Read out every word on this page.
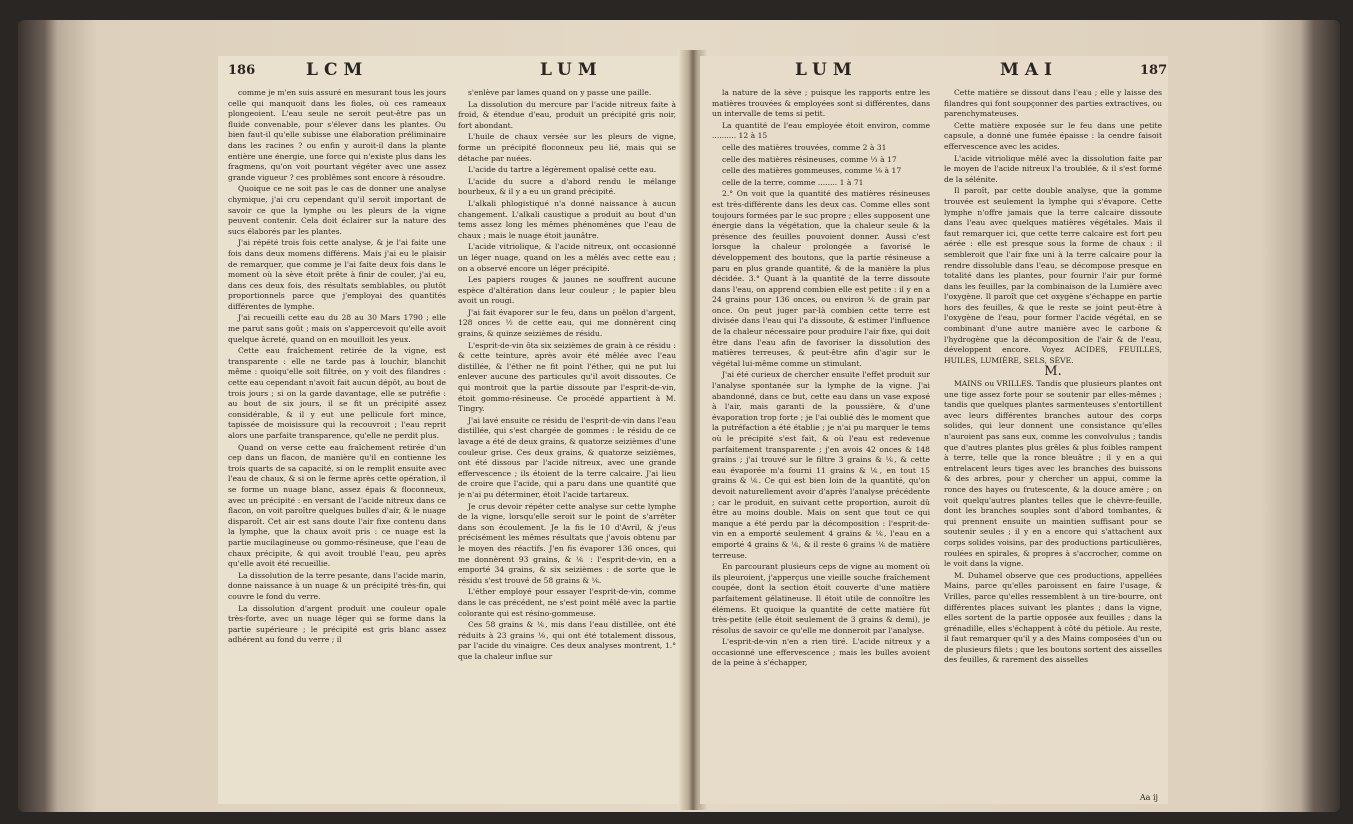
186	LCM	LUM

comme je m'en suis assuré en mesurant tous les jours celle qui manquoit dans les fioles, où ces rameaux plongeoient. L'eau seule ne seroit peut-être pas un fluide convenable, pour s'élever dans les plantes. Ou bien faut-il qu'elle subisse une élaboration préliminaire dans les racines ? ou enfin y auroit-il dans la plante entière une énergie, une force qui n'existe plus dans les fragmens, qu'on voit pourtant végéter avec une assez grande vigueur ? ces problêmes sont encore à résoudre.

Quoique ce ne soit pas le cas de donner une analyse chymique, j'ai cru cependant qu'il seroit important de savoir ce que la lymphe ou les pleurs de la vigne peuvent contenir. Cela doit éclairer sur la nature des sucs élaborés par les plantes.

J'ai répété trois fois cette analyse, & je l'ai faite une fois dans deux momens différens. Mais j'ai eu le plaisir de remarquer, que comme je l'ai faite deux fois dans le moment où la sève étoit prête à finir de couler, j'ai eu, dans ces deux fois, des résultats semblables, ou plutôt proportionnels parce que j'employai des quantités différentes de lymphe.

J'ai recueilli cette eau du 28 au 30 Mars 1790 ; elle me parut sans goût ; mais on s'appercevoit qu'elle avoit quelque âcreté, quand on en mouilloit les yeux.

Cette eau fraîchement retirée de la vigne, est transparente : elle ne tarde pas à louchir, blanchit même : quoiqu'elle soit filtrée, on y voit des filandres : cette eau cependant n'avoit fait aucun dépôt, au bout de trois jours ; si on la garde davantage, elle se putréfie : au bout de six jours, il se fit un précipité assez considérable, & il y eut une pellicule fort mince, tapissée de moisissure qui la recouvroit ; l'eau reprit alors une parfaite transparence, qu'elle ne perdit plus.

Quand on verse cette eau fraîchement retirée d'un cep dans un flacon, de manière qu'il en contienne les trois quarts de sa capacité, si on le remplit ensuite avec l'eau de chaux, & si on le ferme après cette opération, il se forme un nuage blanc, assez épais & floconneux, avec un précipité : en versant de l'acide nitreux dans ce flacon, on voit paroître quelques bulles d'air, & le nuage disparoît. Cet air est sans doute l'air fixe contenu dans la lymphe, que la chaux avoit pris : ce nuage est la partie mucilagineuse ou gommo-résineuse, que l'eau de chaux précipite, & qui avoit troublé l'eau, peu après qu'elle avoit été recueillie.

La dissolution de la terre pesante, dans l'acide marin, donne naissance à un nuage & un précipité très-fin, qui couvre le fond du verre.

La dissolution d'argent produit une couleur opale très-forte, avec un nuage léger qui se forme dans la partie supérieure ; le précipité est gris blanc assez adhérent au fond du verre ; il

s'enlève par lames quand on y passe une paille.

La dissolution du mercure par l'acide nitreux faite à froid, & étendue d'eau, produit un précipité gris noir, fort abondant.

L'huile de chaux versée sur les pleurs de vigne, forme un précipité floconneux peu lié, mais qui se détache par nuées.

L'acide du tartre a légèrement opalisé cette eau.

L'acide du sucre a d'abord rendu le mélange bourbeux, & il y a eu un grand précipité.

L'alkali phlogistiqué n'a donné naissance à aucun changement. L'alkali caustique a produit au bout d'un tems assez long les mêmes phénomènes que l'eau de chaux ; mais le nuage étoit jaunâtre.

L'acide vitriolique, & l'acide nitreux, ont occasionné un léger nuage, quand on les a mêlés avec cette eau ; on a observé encore un léger précipité.

Les papiers rouges & jaunes ne souffrent aucune espèce d'altération dans leur couleur ; le papier bleu avoit un rougi.

J'ai fait évaporer sur le feu, dans un poëlon d'argent, 128 onces ½ de cette eau, qui me donnèrent cinq grains, & quinze seizièmes de résidu.

L'esprit-de-vin ôta six seizièmes de grain à ce résidu : & cette teinture, après avoir été mêlée avec l'eau distillée, & l'éther ne fit point l'éther, qui ne put lui enlever aucune des particules qu'il avoit dissoutes. Ce qui montroit que la partie dissoute par l'esprit-de-vin, étoit gommo-résineuse. Ce procédé appartient à M. Tingry.

J'ai lavé ensuite ce résidu de l'esprit-de-vin dans l'eau distillée, qui s'est chargée de gommes : le résidu de ce lavage a été de deux grains, & quatorze seizièmes d'une couleur grise. Ces deux grains, & quatorze seizièmes, ont été dissous par l'acide nitreux, avec une grande effervescence ; ils étoient de la terre calcaire. J'ai lieu de croire que l'acide, qui a paru dans une quantité que je n'ai pu déterminer, étoit l'acide tartareux.

Je crus devoir répéter cette analyse sur cette lymphe de la vigne, lorsqu'elle seroit sur le point de s'arrêter dans son écoulement. Je la fis le 10 d'Avril, & j'eus précisément les mêmes résultats que j'avois obtenu par le moyen des réactifs. J'en fis évaporer 136 onces, qui me donnèrent 93 grains, & ⅙ : l'esprit-de-vin, en a emporté 34 grains, & six seizièmes : de sorte que le résidu s'est trouvé de 58 grains & ⅙.

L'éther employé pour essayer l'esprit-de-vin, comme dans le cas précédent, ne s'est point mêlé avec la partie colorante qui est résino-gommeuse.

Ces 58 grains & ⅙, mis dans l'eau distillée, ont été réduits à 23 grains ⅑, qui ont été totalement dissous, par l'acide du vinaigre. Ces deux analyses montrent, 1.° que la chaleur influe sur

LUM	MAI	187

la nature de la sève ; puisque les rapports entre les matières trouvées & employées sont si différentes, dans un intervalle de tems si petit.

La quantité de l'eau employée étoit environ, comme .......... 12 à 15

celle des matières trouvées, comme 2 à 31

celle des matières résineuses, comme ⅓ à 17

celle des matières gommeuses, comme ⅑ à 17

celle de la terre, comme ........ 1 à 71

2.° On voit que la quantité des matières résineuses est très-différente dans les deux cas. Comme elles sont toujours formées par le suc propre ; elles supposent une énergie dans la végétation, que la chaleur seule & la présence des feuilles pouvoient donner. Aussi c'est lorsque la chaleur prolongée a favorisé le développement des boutons, que la partie résineuse a paru en plus grande quantité, & de la manière la plus décidée. 3.° Quant à la quantité de la terre dissoute dans l'eau, on apprend combien elle est petite : il y en a 24 grains pour 136 onces, ou environ ⅙ de grain par once. On peut juger par-là combien cette terre est divisée dans l'eau qui l'a dissoute, & estimer l'influence de la chaleur nécessaire pour produire l'air fixe, qui doit être dans l'eau afin de favoriser la dissolution des matières terreuses, & peut-être afin d'agir sur le végétal lui-même comme un stimulant.

J'ai été curieux de chercher ensuite l'effet produit sur l'analyse spontanée sur la lymphe de la vigne. J'ai abandonné, dans ce but, cette eau dans un vase exposé à l'air, mais garanti de la poussière, & d'une évaporation trop forte ; je l'ai oublié dès le moment que la putréfaction a été établie ; je n'ai pu marquer le tems où le précipité s'est fait, & où l'eau est redevenue parfaitement transparente ; j'en avois 42 onces & 148 grains ; j'ai trouvé sur le filtre 3 grains & ⅙, & cette eau évaporée m'a fourni 11 grains & ⅙, en tout 15 grains & ⅙. Ce qui est bien loin de la quantité, qu'on devoit naturellement avoir d'après l'analyse précédente ; car le produit, en suivant cette proportion, auroit dû être au moins double. Mais on sent que tout ce qui manque a été perdu par la décomposition : l'esprit-de-vin en a emporté seulement 4 grains & ⅙, l'eau en a emporté 4 grains & ⅙, & il reste 6 grains ⅙ de matière terreuse.

En parcourant plusieurs ceps de vigne au moment où ils pleuroient, j'apperçus une vieille souche fraîchement coupée, dont la section étoit couverte d'une matière parfaitement gélatineuse. Il étoit utile de connoître les élémens. Et quoique la quantité de cette matière fût très-petite (elle étoit seulement de 3 grains & demi), je résolus de savoir ce qu'elle me donneroit par l'analyse.

L'esprit-de-vin n'en a rien tiré. L'acide nitreux y a occasionné une effervescence ; mais les bulles avoient de la peine à s'échapper,

Cette matière se dissout dans l'eau ; elle y laisse des filandres qui font soupçonner des parties extractives, ou parenchymateuses.

Cette matière exposée sur le feu dans une petite capsule, a donné une fumée épaisse : la cendre faisoit effervescence avec les acides.

L'acide vitriolique mêlé avec la dissolution faite par le moyen de l'acide nitreux l'a troublée, & il s'est formé de la sélénite.

Il paroît, par cette double analyse, que la gomme trouvée est seulement la lymphe qui s'évapore. Cette lymphe n'offre jamais que la terre calcaire dissoute dans l'eau avec quelques matières végétales. Mais il faut remarquer ici, que cette terre calcaire est fort peu aérée : elle est presque sous la forme de chaux : il sembleroit que l'air fixe uni à la terre calcaire pour la rendre dissoluble dans l'eau, se décompose presque en totalité dans les plantes, pour fournir l'air pur formé dans les feuilles, par la combinaison de la Lumière avec l'oxygène. Il paroît que cet oxygène s'échappe en partie hors des feuilles, & que le reste se joint peut-être à l'oxygène de l'eau, pour former l'acide végétal, en se combinant d'une autre manière avec le carbone & l'hydrogène que la décomposition de l'air & de l'eau, développent encore. Voyez ACIDES, FEUILLES, HUILES, LUMIÈRE, SELS, SÈVE.

M.

MAINS ou VRILLES. Tandis que plusieurs plantes ont une tige assez forte pour se soutenir par elles-mêmes ; tandis que quelques plantes sarmenteuses s'entortillent avec leurs différentes branches autour des corps solides, qui leur donnent une consistance qu'elles n'auroient pas sans eux, comme les convolvulus ; tandis que d'autres plantes plus grêles & plus foibles rampent à terre, telle que la ronce bleuâtre ; il y en a qui entrelacent leurs tiges avec les branches des buissons & des arbres, pour y chercher un appui, comme la ronce des hayes ou frutescente, & la douce amère ; on voit quelqu'autres plantes telles que le chèvre-feuille, dont les branches souples sont d'abord tombantes, & qui prennent ensuite un maintien suffisant pour se soutenir seules ; il y en a encore qui s'attachent aux corps solides voisins, par des productions particulières, roulées en spirales, & propres à s'accrocher, comme on le voit dans la vigne.

M. Duhamel observe que ces productions, appellées Mains, parce qu'elles paroissent en faire l'usage, & Vrilles, parce qu'elles ressemblent à un tire-bourre, ont différentes places suivant les plantes ; dans la vigne, elles sortent de la partie opposée aux feuilles ; dans la grénadille, elles s'échappent à côté du pétiole. Au reste, il faut remarquer qu'il y a des Mains composées d'un ou de plusieurs filets ; que les boutons sortent des aisselles des feuilles, & rarement des aisselles

Aa ij
